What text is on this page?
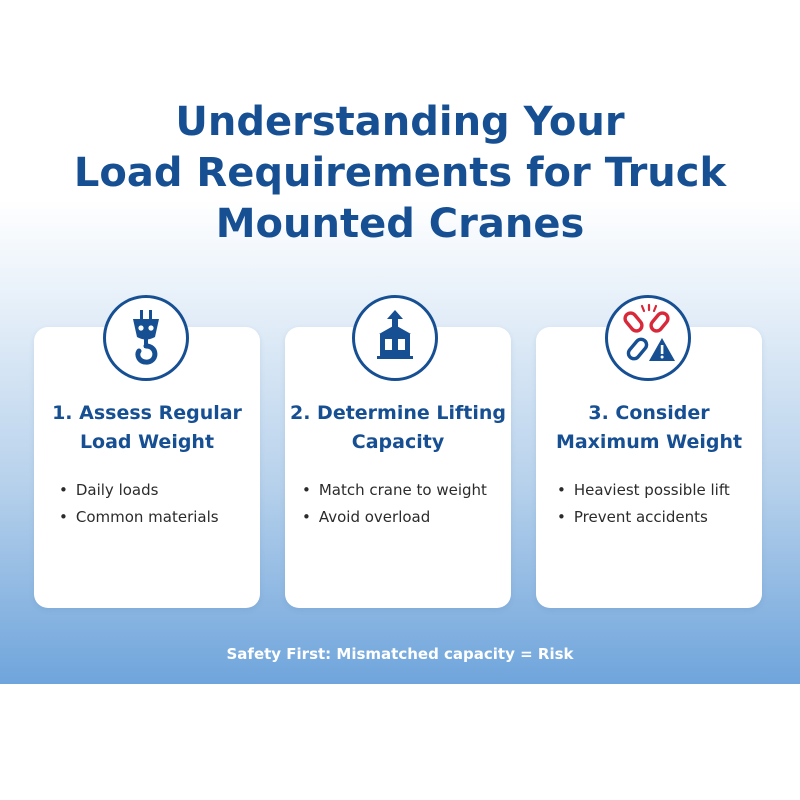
Understanding Your
Load Requirements for Truck
Mounted Cranes
1. Assess Regular
Load Weight
• Daily loads
• Common materials
2. Determine Lifting
Capacity
• Match crane to weight
• Avoid overload
3. Consider
Maximum Weight
• Heaviest possible lift
• Prevent accidents
Safety First: Mismatched capacity = Risk
